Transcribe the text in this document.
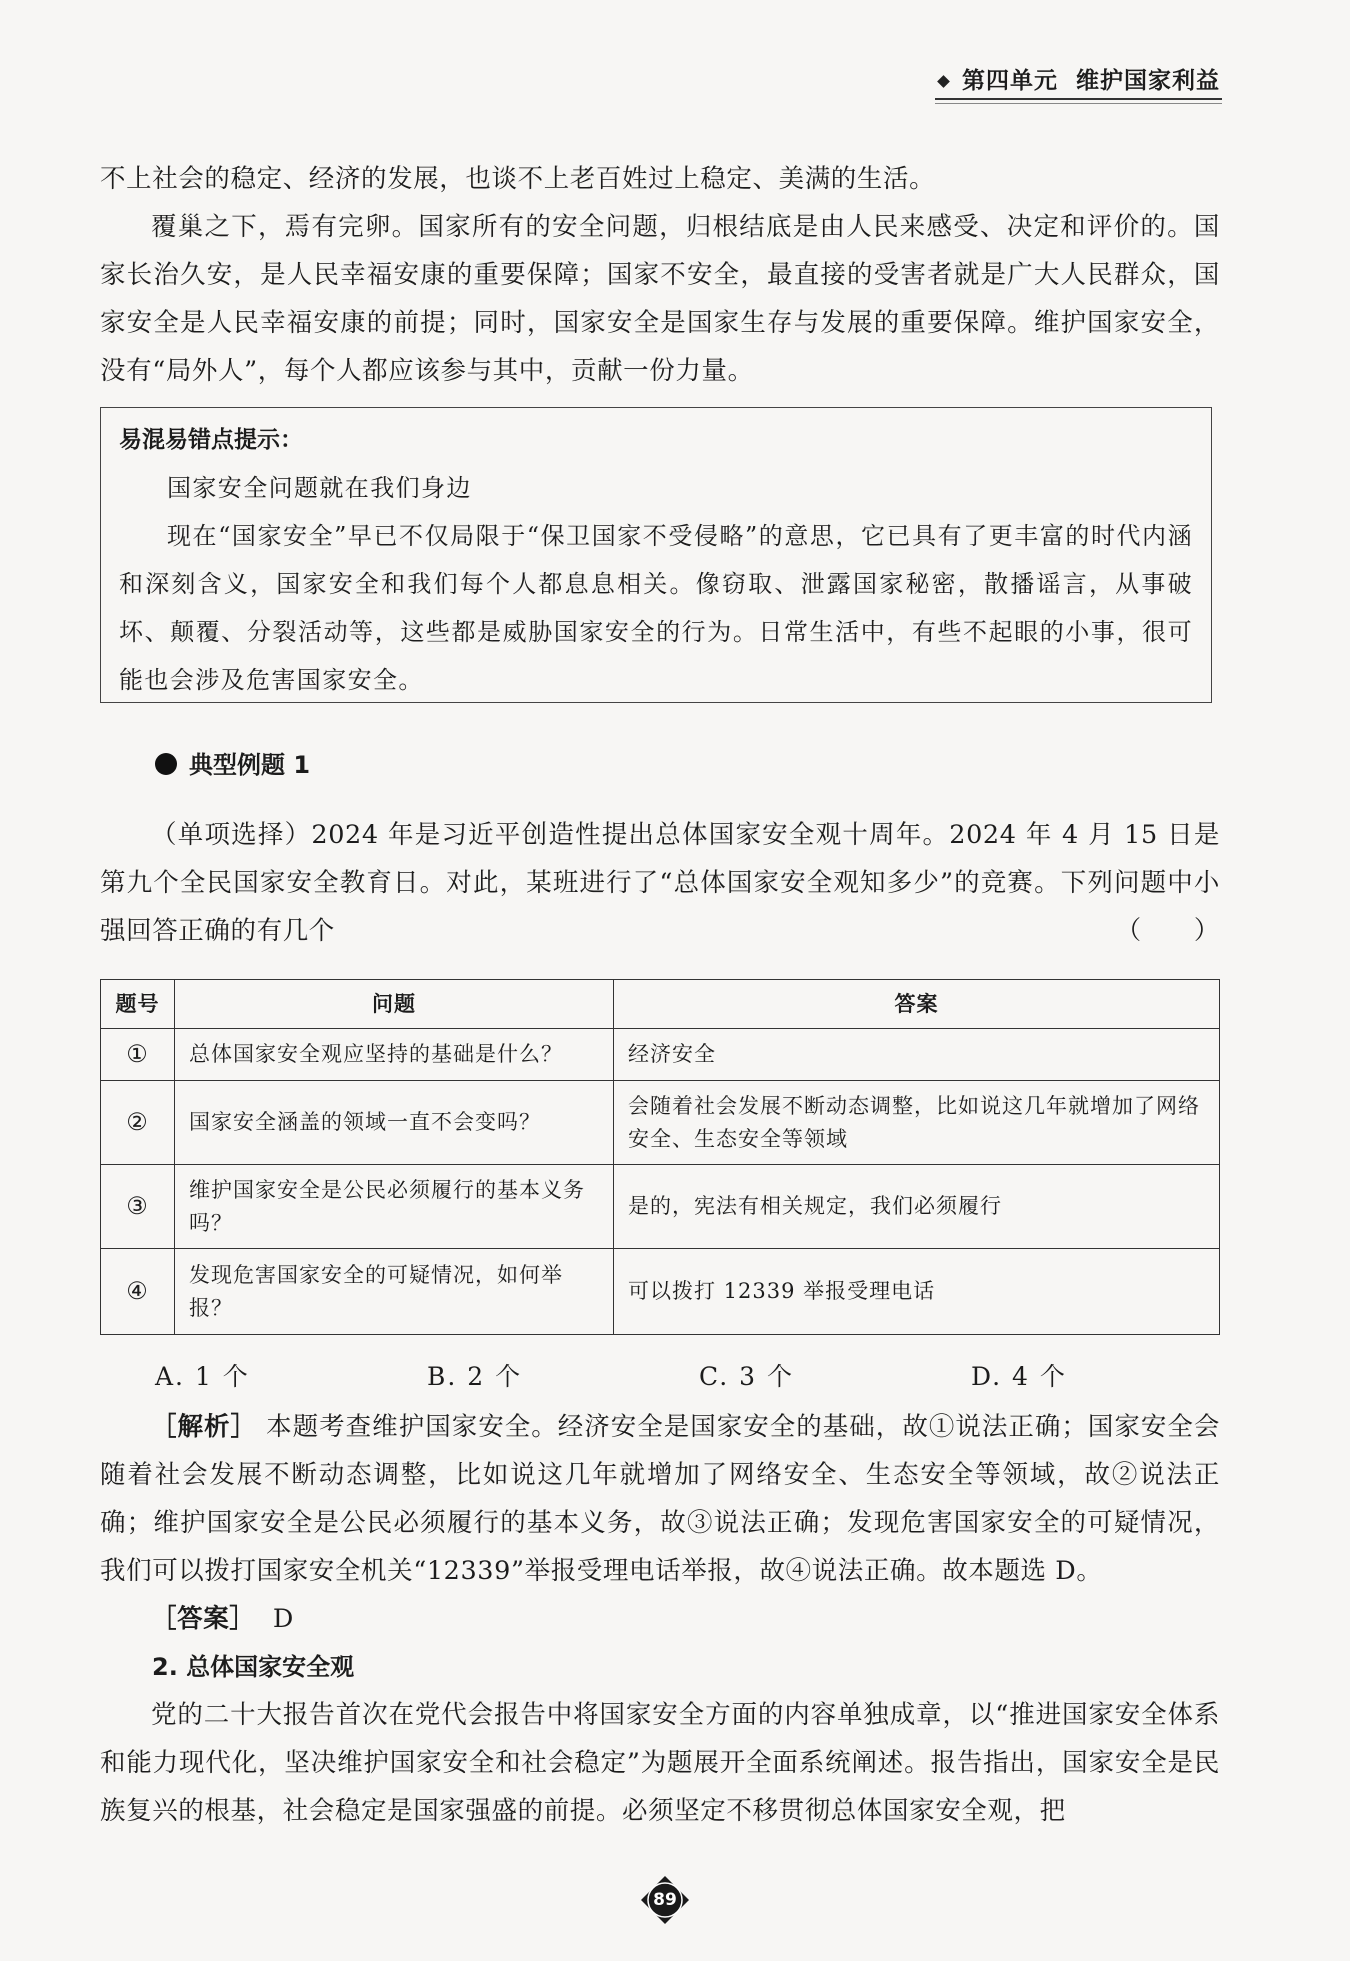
第四单元 维护国家利益

不上社会的稳定、经济的发展，也谈不上老百姓过上稳定、美满的生活。

覆巢之下，焉有完卵。国家所有的安全问题，归根结底是由人民来感受、决定和评价的。国家长治久安，是人民幸福安康的重要保障；国家不安全，最直接的受害者就是广大人民群众，国家安全是人民幸福安康的前提；同时，国家安全是国家生存与发展的重要保障。维护国家安全，没有“局外人”，每个人都应该参与其中，贡献一份力量。

易混易错点提示：

国家安全问题就在我们身边

现在“国家安全”早已不仅局限于“保卫国家不受侵略”的意思，它已具有了更丰富的时代内涵和深刻含义，国家安全和我们每个人都息息相关。像窃取、泄露国家秘密，散播谣言，从事破坏、颠覆、分裂活动等，这些都是威胁国家安全的行为。日常生活中，有些不起眼的小事，很可能也会涉及危害国家安全。

典型例题 1

（单项选择）2024 年是习近平创造性提出总体国家安全观十周年。2024 年 4 月 15 日是第九个全民国家安全教育日。对此，某班进行了“总体国家安全观知多少”的竞赛。下列问题中小强回答正确的有几个	（　　）

题号	问题	答案
①	总体国家安全观应坚持的基础是什么？	经济安全
②	国家安全涵盖的领域一直不会变吗？	会随着社会发展不断动态调整，比如说这几年就增加了网络安全、生态安全等领域
③	维护国家安全是公民必须履行的基本义务吗？	是的，宪法有相关规定，我们必须履行
④	发现危害国家安全的可疑情况，如何举报？	可以拨打 12339 举报受理电话
A. 1 个	B. 2 个	C. 3 个	D. 4 个

［解析］ 本题考查维护国家安全。经济安全是国家安全的基础，故①说法正确；国家安全会随着社会发展不断动态调整，比如说这几年就增加了网络安全、生态安全等领域，故②说法正确；维护国家安全是公民必须履行的基本义务，故③说法正确；发现危害国家安全的可疑情况，我们可以拨打国家安全机关“12339”举报受理电话举报，故④说法正确。故本题选 D。

［答案］ D

2. 总体国家安全观

党的二十大报告首次在党代会报告中将国家安全方面的内容单独成章，以“推进国家安全体系和能力现代化，坚决维护国家安全和社会稳定”为题展开全面系统阐述。报告指出，国家安全是民族复兴的根基，社会稳定是国家强盛的前提。必须坚定不移贯彻总体国家安全观，把

89
